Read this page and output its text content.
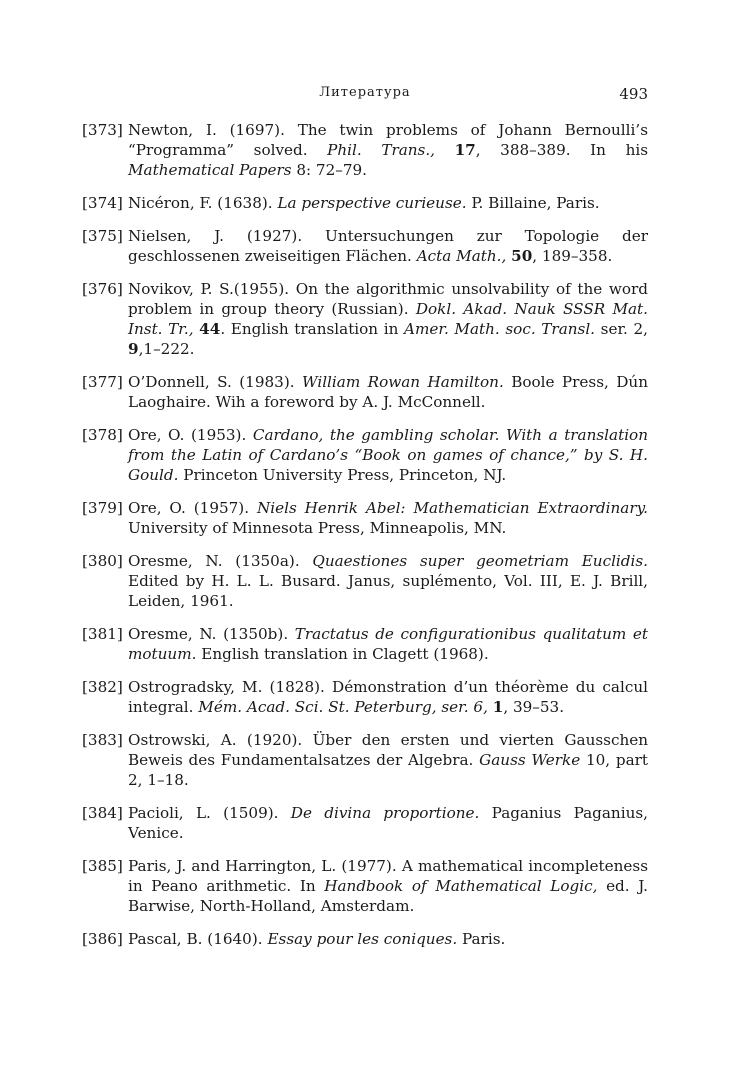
Литература	493
[373] Newton, I. (1697). The twin problems of Johann Bernoulli’s “Programma” solved. Phil. Trans., 17, 388–389. In his Mathematical Papers 8: 72–79.
[374] Nicéron, F. (1638). La perspective curieuse. P. Billaine, Paris.
[375] Nielsen, J. (1927). Untersuchungen zur Topologie der geschlossenen zweiseitigen Flächen. Acta Math., 50, 189–358.
[376] Novikov, P. S.(1955). On the algorithmic unsolvability of the word problem in group theory (Russian). Dokl. Akad. Nauk SSSR Mat. Inst. Tr., 44. English translation in Amer. Math. soc. Transl. ser. 2, 9,1–222.
[377] O’Donnell, S. (1983). William Rowan Hamilton. Boole Press, Dún Laoghaire. Wih a foreword by A. J. McConnell.
[378] Ore, O. (1953). Cardano, the gambling scholar. With a translation from the Latin of Cardano’s “Book on games of chance,” by S. H. Gould. Princeton University Press, Princeton, NJ.
[379] Ore, O. (1957). Niels Henrik Abel: Mathematician Extraordinary. University of Minnesota Press, Minneapolis, MN.
[380] Oresme, N. (1350a). Quaestiones super geometriam Euclidis. Edited by H. L. L. Busard. Janus, suplémento, Vol. III, E. J. Brill, Leiden, 1961.
[381] Oresme, N. (1350b). Tractatus de configurationibus qualitatum et motuum. English translation in Clagett (1968).
[382] Ostrogradsky, M. (1828). Démonstration d’un théorème du calcul integral. Mém. Acad. Sci. St. Peterburg, ser. 6, 1, 39–53.
[383] Ostrowski, A. (1920). Über den ersten und vierten Gausschen Beweis des Fundamentalsatzes der Algebra. Gauss Werke 10, part 2, 1–18.
[384] Pacioli, L. (1509). De divina proportione. Paganius Paganius, Venice.
[385] Paris, J. and Harrington, L. (1977). A mathematical incompleteness in Peano arithmetic. In Handbook of Mathematical Logic, ed. J. Barwise, North-Holland, Amsterdam.
[386] Pascal, B. (1640). Essay pour les coniques. Paris.
